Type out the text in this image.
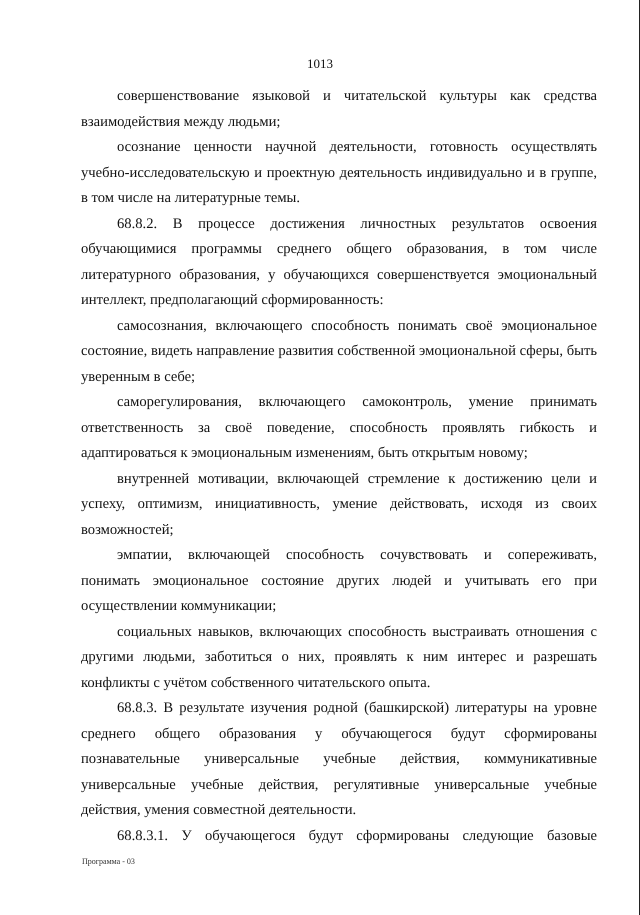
1013

совершенствование языковой и читательской культуры как средства взаимодействия между людьми;

осознание ценности научной деятельности, готовность осуществлять учебно-исследовательскую и проектную деятельность индивидуально и в группе, в том числе на литературные темы.

68.8.2. В процессе достижения личностных результатов освоения обучающимися программы среднего общего образования, в том числе литературного образования, у обучающихся совершенствуется эмоциональный интеллект, предполагающий сформированность:

самосознания, включающего способность понимать своё эмоциональное состояние, видеть направление развития собственной эмоциональной сферы, быть уверенным в себе;

саморегулирования, включающего самоконтроль, умение принимать ответственность за своё поведение, способность проявлять гибкость и адаптироваться к эмоциональным изменениям, быть открытым новому;

внутренней мотивации, включающей стремление к достижению цели и успеху, оптимизм, инициативность, умение действовать, исходя из своих возможностей;

эмпатии, включающей способность сочувствовать и сопереживать, понимать эмоциональное состояние других людей и учитывать его при осуществлении коммуникации;

социальных навыков, включающих способность выстраивать отношения с другими людьми, заботиться о них, проявлять к ним интерес и разрешать конфликты с учётом собственного читательского опыта.

68.8.3. В результате изучения родной (башкирской) литературы на уровне среднего общего образования у обучающегося будут сформированы познавательные универсальные учебные действия, коммуникативные универсальные учебные действия, регулятивные универсальные учебные действия, умения совместной деятельности.

68.8.3.1. У обучающегося будут сформированы следующие базовые

Программа - 03
